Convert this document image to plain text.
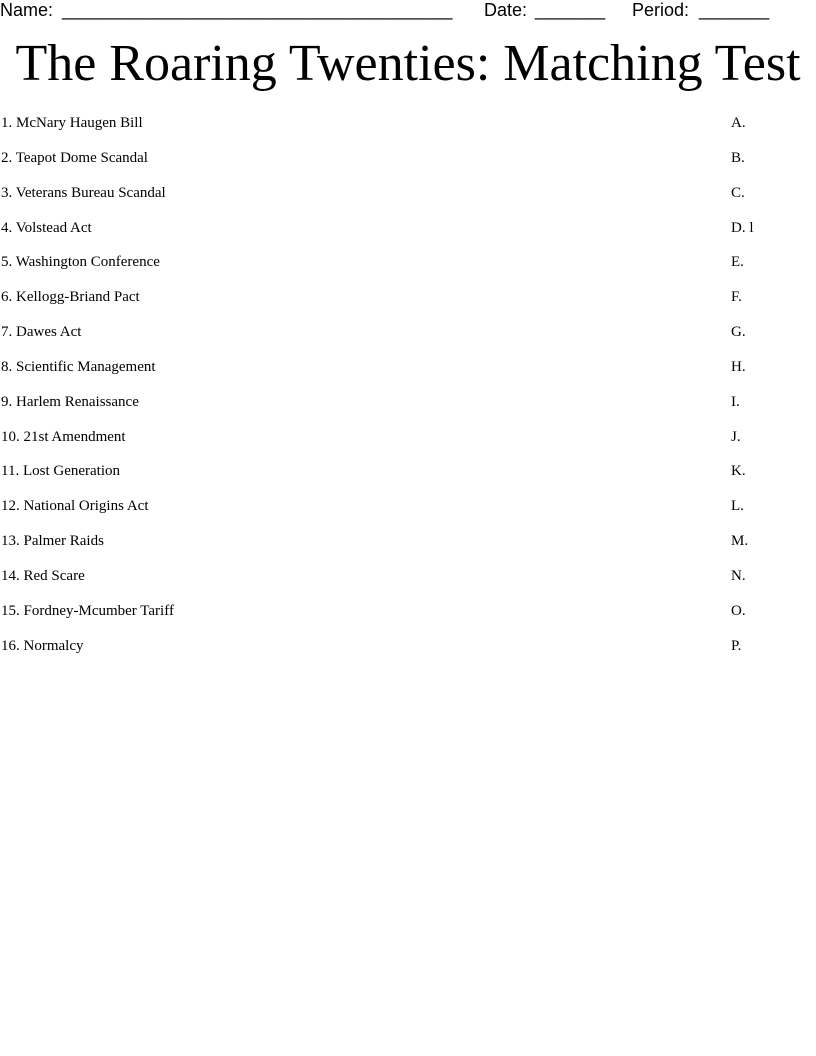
Name: _______________________________________ Date: _______ Period: _______
The Roaring Twenties: Matching Test
1. McNary Haugen Bill	A.
2. Teapot Dome Scandal	B.
3. Veterans Bureau Scandal	C.
4. Volstead Act	D. l
5. Washington Conference	E.
6. Kellogg-Briand Pact	F.
7. Dawes Act	G.
8. Scientific Management	H.
9. Harlem Renaissance	I.
10. 21st Amendment	J.
11. Lost Generation	K.
12. National Origins Act	L.
13. Palmer Raids	M.
14. Red Scare	N.
15. Fordney-Mcumber Tariff	O.
16. Normalcy	P.
